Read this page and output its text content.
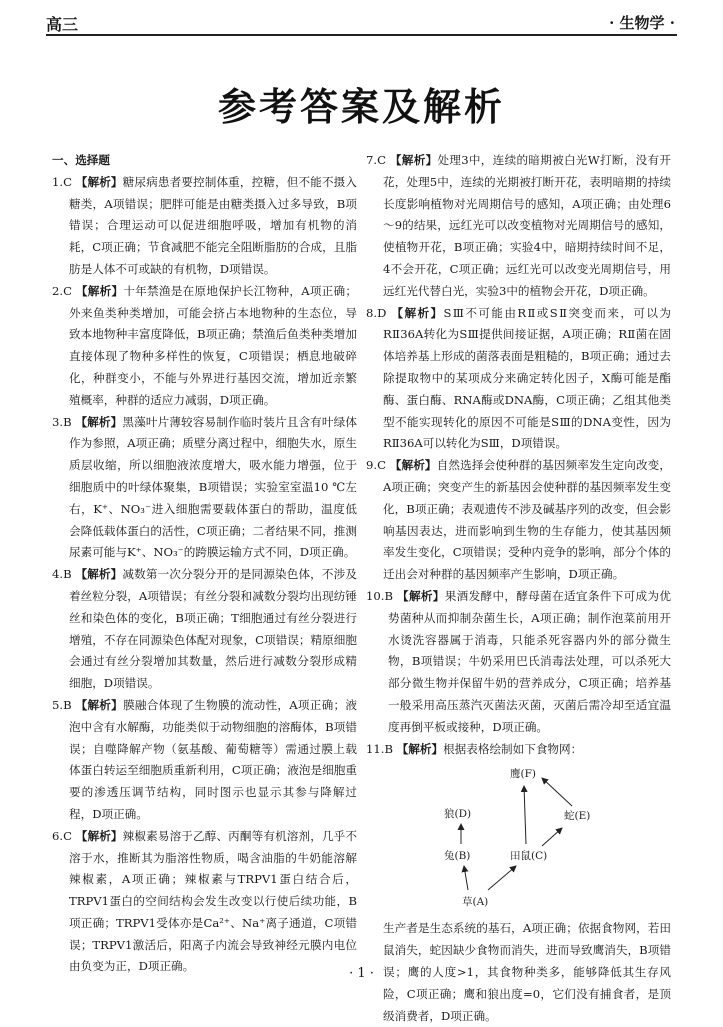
高三	· 生物学 ·
参考答案及解析
一、选择题

1.C 【解析】糖尿病患者要控制体重，控糖，但不能不摄入糖类，A项错误；肥胖可能是由糖类摄入过多导致，B项错误；合理运动可以促进细胞呼吸，增加有机物的消耗，C项正确；节食减肥不能完全阻断脂肪的合成，且脂肪是人体不可或缺的有机物，D项错误。

2.C 【解析】十年禁渔是在原地保护长江物种，A项正确；外来鱼类种类增加，可能会挤占本地物种的生态位，导致本地物种丰富度降低，B项正确；禁渔后鱼类种类增加直接体现了物种多样性的恢复，C项错误；栖息地破碎化，种群变小，不能与外界进行基因交流，增加近亲繁殖概率，种群的适应力减弱，D项正确。

3.B 【解析】黑藻叶片薄较容易制作临时装片且含有叶绿体作为参照，A项正确；质壁分离过程中，细胞失水，原生质层收缩，所以细胞液浓度增大，吸水能力增强，位于细胞质中的叶绿体聚集，B项错误；实验室室温10 ℃左右，K⁺、NO₃⁻进入细胞需要载体蛋白的帮助，温度低会降低载体蛋白的活性，C项正确；二者结果不同，推测尿素可能与K⁺、NO₃⁻的跨膜运输方式不同，D项正确。

4.B 【解析】减数第一次分裂分开的是同源染色体，不涉及着丝粒分裂，A项错误；有丝分裂和减数分裂均出现纺锤丝和染色体的变化，B项正确；T细胞通过有丝分裂进行增殖，不存在同源染色体配对现象，C项错误；精原细胞会通过有丝分裂增加其数量，然后进行减数分裂形成精细胞，D项错误。

5.B 【解析】膜融合体现了生物膜的流动性，A项正确；液泡中含有水解酶，功能类似于动物细胞的溶酶体，B项错误；自噬降解产物（氨基酸、葡萄糖等）需通过膜上载体蛋白转运至细胞质重新利用，C项正确；液泡是细胞重要的渗透压调节结构，同时图示也显示其参与降解过程，D项正确。

6.C 【解析】辣椒素易溶于乙醇、丙酮等有机溶剂，几乎不溶于水，推断其为脂溶性物质，喝含油脂的牛奶能溶解辣椒素，A项正确；辣椒素与TRPV1蛋白结合后，TRPV1蛋白的空间结构会发生改变以行使后续功能，B项正确；TRPV1受体亦是Ca²⁺、Na⁺离子通道，C项错误；TRPV1激活后，阳离子内流会导致神经元膜内电位由负变为正，D项正确。

7.C 【解析】处理3中，连续的暗期被白光W打断，没有开花，处理5中，连续的光期被打断开花，表明暗期的持续长度影响植物对光周期信号的感知，A项正确；由处理6～9的结果，远红光可以改变植物对光周期信号的感知，使植物开花，B项正确；实验4中，暗期持续时间不足，4不会开花，C项正确；远红光可以改变光周期信号，用远红光代替白光，实验3中的植物会开花，D项正确。

8.D 【解析】SⅢ不可能由RⅡ或SⅡ突变而来，可以为RⅡ36A转化为SⅢ提供间接证据，A项正确；RⅡ菌在固体培养基上形成的菌落表面是粗糙的，B项正确；通过去除提取物中的某项成分来确定转化因子，X酶可能是酯酶、蛋白酶、RNA酶或DNA酶，C项正确；乙组其他类型不能实现转化的原因不可能是SⅢ的DNA变性，因为RⅡ36A可以转化为SⅢ，D项错误。

9.C 【解析】自然选择会使种群的基因频率发生定向改变，A项正确；突变产生的新基因会使种群的基因频率发生变化，B项正确；表观遗传不涉及碱基序列的改变，但会影响基因表达，进而影响到生物的生存能力，使其基因频率发生变化，C项错误；受种内竞争的影响，部分个体的迁出会对种群的基因频率产生影响，D项正确。

10.B 【解析】果酒发酵中，酵母菌在适宜条件下可成为优势菌种从而抑制杂菌生长，A项正确；制作泡菜前用开水烫洗容器属于消毒，只能杀死容器内外的部分微生物，B项错误；牛奶采用巴氏消毒法处理，可以杀死大部分微生物并保留牛奶的营养成分，C项正确；培养基一般采用高压蒸汽灭菌法灭菌，灭菌后需冷却至适宜温度再倒平板或接种，D项正确。

11.B 【解析】根据表格绘制如下食物网：

鹰(F)
狼(D)	蛇(E)
兔(B)	田鼠(C)
草(A)

生产者是生态系统的基石，A项正确；依据食物网，若田鼠消失，蛇因缺少食物而消失，进而导致鹰消失，B项错误；鹰的人度>1，其食物种类多，能够降低其生存风险，C项正确；鹰和狼出度=0，它们没有捕食者，是顶级消费者，D项正确。

· 1 ·
